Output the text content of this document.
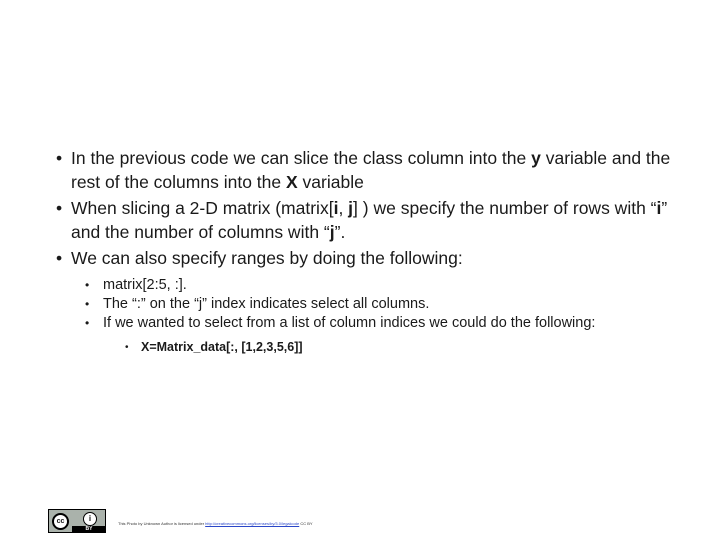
• In the previous code we can slice the class column into the y variable and the rest of the columns into the X variable
• When slicing a 2-D matrix (matrix[i, j] ) we specify the number of rows with “i” and the number of columns with “j”.
• We can also specify ranges by doing the following:
• matrix[2:5, :].
• The “:” on the “j” index indicates select all columns.
• If we wanted to select from a list of column indices we could do the following:
• X=Matrix_data[:, [1,2,3,5,6]]
cc	i
BY
This Photo by Unknown Author is licensed under http://creativecommons.org/licenses/by/3.0/legalcode CC BY
